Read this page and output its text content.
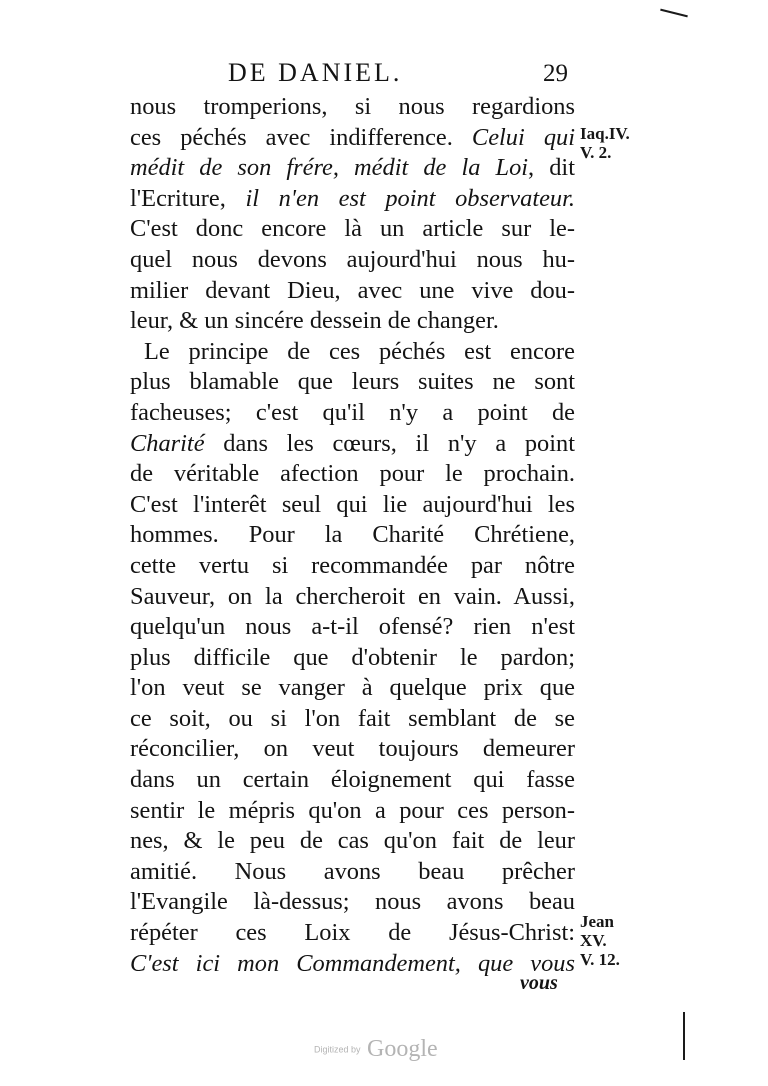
DE DANIEL.	29
nous tromperions, si nous regardions
ces péchés avec indifference. Celui qui
médit de son frére, médit de la Loi, dit
l'Ecriture, il n'en est point observateur.
C'est donc encore là un article sur le-
quel nous devons aujourd'hui nous hu-
milier devant Dieu, avec une vive dou-
leur, & un sincére dessein de changer.
Le principe de ces péchés est encore
plus blamable que leurs suites ne sont
facheuses; c'est qu'il n'y a point de
Charité dans les cœurs, il n'y a point
de véritable afection pour le prochain.
C'est l'interêt seul qui lie aujourd'hui les
hommes. Pour la Charité Chrétiene,
cette vertu si recommandée par nôtre
Sauveur, on la chercheroit en vain. Aussi,
quelqu'un nous a-t-il ofensé? rien n'est
plus difficile que d'obtenir le pardon;
l'on veut se vanger à quelque prix que
ce soit, ou si l'on fait semblant de se
réconcilier, on veut toujours demeurer
dans un certain éloignement qui fasse
sentir le mépris qu'on a pour ces person-
nes, & le peu de cas qu'on fait de leur
amitié. Nous avons beau prêcher
l'Evangile là-dessus; nous avons beau
répéter ces Loix de Jésus-Christ:
C'est ici mon Commandement, que vous
Iaq.IV.
V. 2.
Jean
XV.
V. 12.
vous
Digitized by Google
